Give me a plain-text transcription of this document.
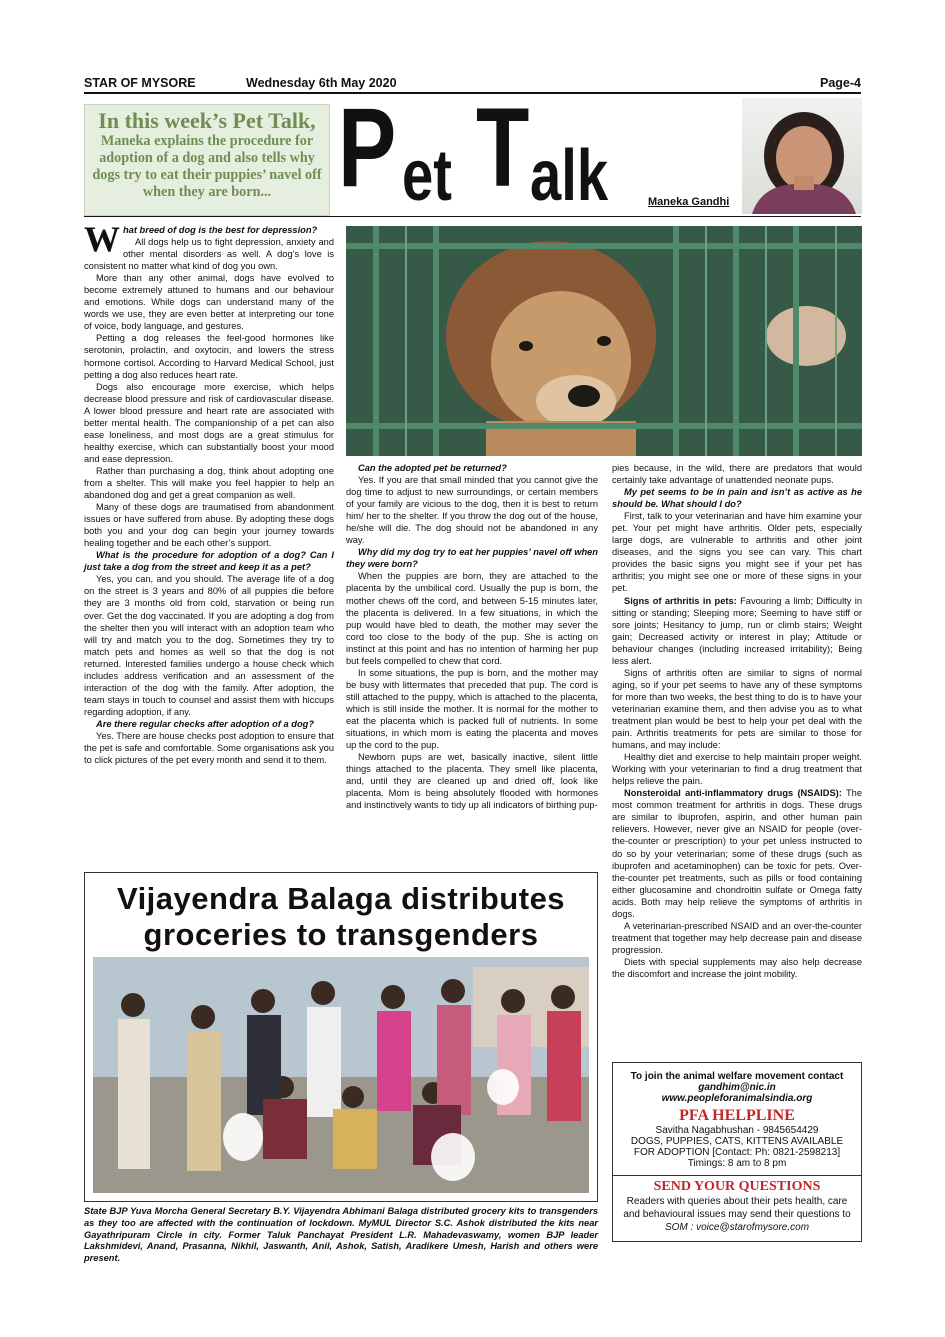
STAR OF MYSORE	Wednesday 6th May 2020	Page-4
In this week’s Pet Talk,
Maneka explains the procedure for adoption of a dog and also tells why dogs try to eat their puppies’ navel off when they are born... P et T alk	Maneka Gandhi

What breed of dog is the best for depression?

All dogs help us to fight depression, anxiety and other mental disorders as well. A dog’s love is consistent no matter what kind of dog you own.

More than any other animal, dogs have evolved to become extremely attuned to humans and our behaviour and emotions. While dogs can understand many of the words we use, they are even better at interpreting our tone of voice, body language, and gestures.

Petting a dog releases the feel-good hormones like serotonin, prolactin, and oxytocin, and lowers the stress hormone cortisol. According to Harvard Medical School, just petting a dog also reduces heart rate.

Dogs also encourage more exercise, which helps decrease blood pressure and risk of cardiovascular disease. A lower blood pressure and heart rate are associated with better mental health. The companionship of a pet can also ease loneliness, and most dogs are a great stimulus for healthy exercise, which can substantially boost your mood and ease depression.

Rather than purchasing a dog, think about adopting one from a shelter. This will make you feel happier to help an abandoned dog and get a great companion as well.

Many of these dogs are traumatised from abandonment issues or have suffered from abuse. By adopting these dogs both you and your dog can begin your journey towards healing together and be each other’s support.

What is the procedure for adoption of a dog? Can I just take a dog from the street and keep it as a pet?

Yes, you can, and you should. The average life of a dog on the street is 3 years and 80% of all puppies die before they are 3 months old from cold, starvation or being run over. Get the dog vaccinated. If you are adopting a dog from the shelter then you will interact with an adoption team who will try and match you to the dog. Sometimes they try to match pets and homes as well so that the dog is not returned. Interested families undergo a house check which includes address verification and an assessment of the interaction of the dog with the family. After adoption, the team stays in touch to counsel and assist them with hiccups regarding adoption, if any.

Are there regular checks after adoption of a dog?

Yes. There are house checks post adoption to ensure that the pet is safe and comfortable. Some organisations ask you to click pictures of the pet every month and send it to them.

Can the adopted pet be returned?

Yes. If you are that small minded that you cannot give the dog time to adjust to new surroundings, or certain members of your family are vicious to the dog, then it is best to return him/ her to the shelter. If you throw the dog out of the house, he/she will die. The dog should not be abandoned in any way.

Why did my dog try to eat her puppies’ navel off when they were born?

When the puppies are born, they are attached to the placenta by the umbilical cord. Usually the pup is born, the mother chews off the cord, and between 5-15 minutes later, the placenta is delivered. In a few situations, in which the pup would have bled to death, the mother may sever the cord too close to the body of the pup. She is acting on instinct at this point and has no intention of harming her pup but feels compelled to chew that cord.

In some situations, the pup is born, and the mother may be busy with littermates that preceded that pup. The cord is still attached to the puppy, which is attached to the placenta, which is still inside the mother. It is normal for the mother to eat the placenta which is packed full of nutrients. In some situations, in which mom is eating the placenta and moves up the cord to the pup.

Newborn pups are wet, basically inactive, silent little things attached to the placenta. They smell like placenta, and, until they are cleaned up and dried off, look like placenta. Mom is being absolutely flooded with hormones and instinctively wants to tidy up all indicators of birthing pup-

pies because, in the wild, there are predators that would certainly take advantage of unattended neonate pups.

My pet seems to be in pain and isn’t as active as he should be. What should I do?

First, talk to your veterinarian and have him examine your pet. Your pet might have arthritis. Older pets, especially large dogs, are vulnerable to arthritis and other joint diseases, and the signs you see can vary. This chart provides the basic signs you might see if your pet has arthritis; you might see one or more of these signs in your pet.

Signs of arthritis in pets: Favouring a limb; Difficulty in sitting or standing; Sleeping more; Seeming to have stiff or sore joints; Hesitancy to jump, run or climb stairs; Weight gain; Decreased activity or interest in play; Attitude or behaviour changes (including increased irritability); Being less alert.

Signs of arthritis often are similar to signs of normal aging, so if your pet seems to have any of these symptoms for more than two weeks, the best thing to do is to have your veterinarian examine them, and then advise you as to what treatment plan would be best to help your pet deal with the pain. Arthritis treatments for pets are similar to those for humans, and may include:

Healthy diet and exercise to help maintain proper weight. Working with your veterinarian to find a drug treatment that helps relieve the pain.

Nonsteroidal anti-inflammatory drugs (NSAIDS): The most common treatment for arthritis in dogs. These drugs are similar to ibuprofen, aspirin, and other human pain relievers. However, never give an NSAID for people (over-the-counter or prescription) to your pet unless instructed to do so by your veterinarian; some of these drugs (such as ibuprofen and acetaminophen) can be toxic for pets. Over-the-counter pet treatments, such as pills or food containing either glucosamine and chondroitin sulfate or Omega fatty acids. Both may help relieve the symptoms of arthritis in dogs.

A veterinarian-prescribed NSAID and an over-the-counter treatment that together may help decrease pain and disease progression.

Diets with special supplements may also help decrease the discomfort and increase the joint mobility.

To join the animal welfare movement contact
gandhim@nic.in
www.peopleforanimalsindia.org
PFA HELPLINE
Savitha Nagabhushan - 9845654429
DOGS, PUPPIES, CATS, KITTENS AVAILABLE
FOR ADOPTION [Contact: Ph: 0821-2598213]
Timings: 8 am to 8 pm
SEND YOUR QUESTIONS
Readers with queries about their pets health, care and behavioural issues may send their questions to SOM : voice@starofmysore.com
Vijayendra Balaga distributes
groceries to transgenders
State BJP Yuva Morcha General Secretary B.Y. Vijayendra Abhimani Balaga distributed grocery kits to transgenders as they too are affected with the continuation of lockdown. MyMUL Director S.C. Ashok distributed the kits near Gayathripuram Circle in city. Former Taluk Panchayat President L.R. Mahadevaswamy, women BJP leader Lakshmidevi, Anand, Prasanna, Nikhil, Jaswanth, Anil, Ashok, Satish, Aradikere Umesh, Harish and others were present.
